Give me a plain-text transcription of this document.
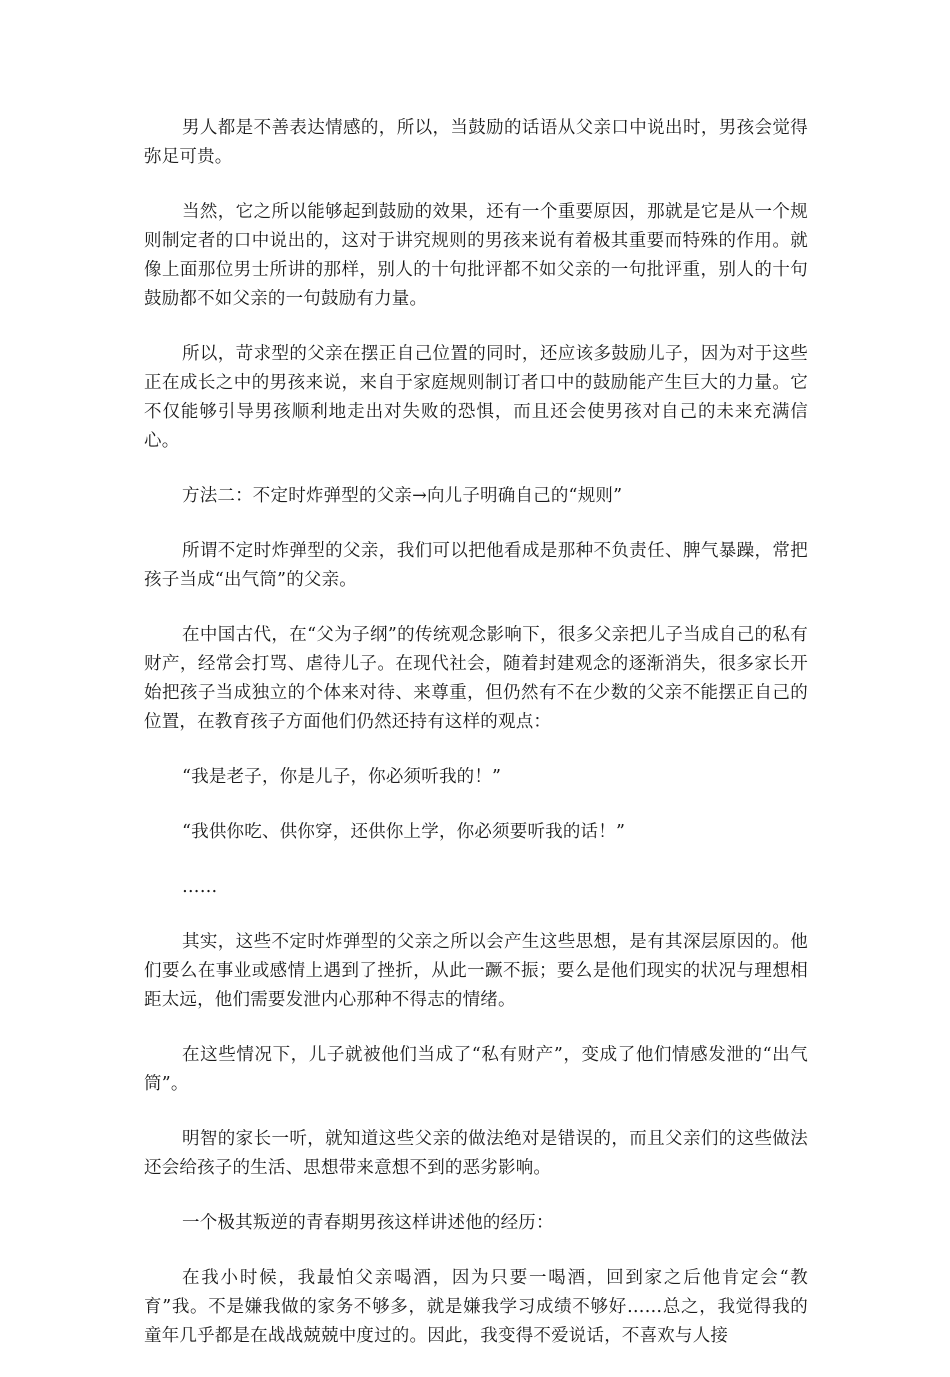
男人都是不善表达情感的，所以，当鼓励的话语从父亲口中说出时，男孩会觉得弥足可贵。

当然，它之所以能够起到鼓励的效果，还有一个重要原因，那就是它是从一个规则制定者的口中说出的，这对于讲究规则的男孩来说有着极其重要而特殊的作用。就像上面那位男士所讲的那样，别人的十句批评都不如父亲的一句批评重，别人的十句鼓励都不如父亲的一句鼓励有力量。

所以，苛求型的父亲在摆正自己位置的同时，还应该多鼓励儿子，因为对于这些正在成长之中的男孩来说，来自于家庭规则制订者口中的鼓励能产生巨大的力量。它不仅能够引导男孩顺利地走出对失败的恐惧，而且还会使男孩对自己的未来充满信心。

方法二：不定时炸弹型的父亲→向儿子明确自己的“规则”

所谓不定时炸弹型的父亲，我们可以把他看成是那种不负责任、脾气暴躁，常把孩子当成“出气筒”的父亲。

在中国古代，在“父为子纲”的传统观念影响下，很多父亲把儿子当成自己的私有财产，经常会打骂、虐待儿子。在现代社会，随着封建观念的逐渐消失，很多家长开始把孩子当成独立的个体来对待、来尊重，但仍然有不在少数的父亲不能摆正自己的位置，在教育孩子方面他们仍然还持有这样的观点：

“我是老子，你是儿子，你必须听我的！”

“我供你吃、供你穿，还供你上学，你必须要听我的话！”

……

其实，这些不定时炸弹型的父亲之所以会产生这些思想，是有其深层原因的。他们要么在事业或感情上遇到了挫折，从此一蹶不振；要么是他们现实的状况与理想相距太远，他们需要发泄内心那种不得志的情绪。

在这些情况下，儿子就被他们当成了“私有财产”，变成了他们情感发泄的“出气筒”。

明智的家长一听，就知道这些父亲的做法绝对是错误的，而且父亲们的这些做法还会给孩子的生活、思想带来意想不到的恶劣影响。

一个极其叛逆的青春期男孩这样讲述他的经历：

在我小时候，我最怕父亲喝酒，因为只要一喝酒，回到家之后他肯定会“教育”我。不是嫌我做的家务不够多，就是嫌我学习成绩不够好……总之，我觉得我的童年几乎都是在战战兢兢中度过的。因此，我变得不爱说话，不喜欢与人接
